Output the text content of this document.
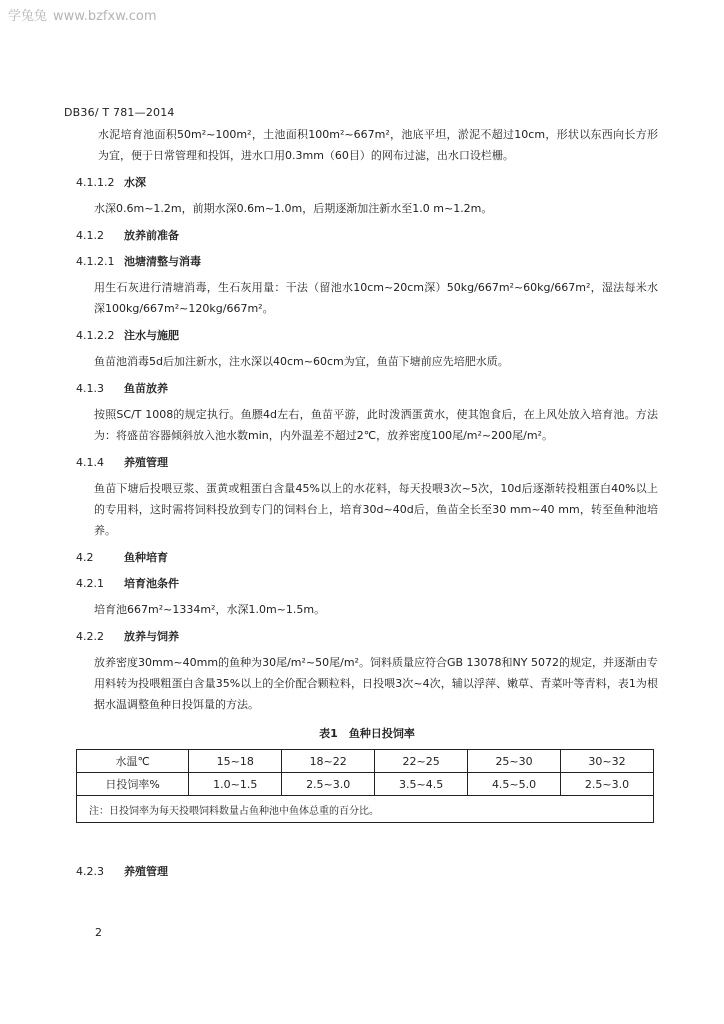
学兔兔 www.bzfxw.com
DB36/ T 781—2014

水泥培育池面积50m²~100m²，土池面积100m²~667m²，池底平坦，淤泥不超过10cm，形状以东西向长方形为宜，便于日常管理和投饵，进水口用0.3mm（60目）的网布过滤，出水口设栏栅。

4.1.1.2 水深

水深0.6m~1.2m，前期水深0.6m~1.0m，后期逐渐加注新水至1.0 m~1.2m。

4.1.2 放养前准备
4.1.2.1 池塘清整与消毒

用生石灰进行清塘消毒，生石灰用量：干法（留池水10cm~20cm深）50kg/667m²~60kg/667m²，湿法每米水深100kg/667m²~120kg/667m²。

4.1.2.2 注水与施肥

鱼苗池消毒5d后加注新水，注水深以40cm~60cm为宜，鱼苗下塘前应先培肥水质。

4.1.3 鱼苗放养

按照SC/T 1008的规定执行。鱼膘4d左右，鱼苗平游，此时泼洒蛋黄水，使其饱食后，在上风处放入培育池。方法为：将盛苗容器倾斜放入池水数min，内外温差不超过2℃，放养密度100尾/m²~200尾/m²。

4.1.4 养殖管理

鱼苗下塘后投喂豆浆、蛋黄或粗蛋白含量45%以上的水花料，每天投喂3次~5次，10d后逐渐转投粗蛋白40%以上的专用料，这时需将饲料投放到专门的饲料台上，培育30d~40d后，鱼苗全长至30 mm~40 mm，转至鱼种池培养。

4.2	鱼种培育
4.2.1 培育池条件

培育池667m²~1334m²，水深1.0m~1.5m。

4.2.2 放养与饲养

放养密度30mm~40mm的鱼种为30尾/m²~50尾/m²。饲料质量应符合GB 13078和NY 5072的规定，并逐渐由专用料转为投喂粗蛋白含量35%以上的全价配合颗粒料，日投喂3次~4次，辅以浮萍、嫩草、青菜叶等青料，表1为根据水温调整鱼种日投饵量的方法。

表1　鱼种日投饲率
水温℃	15~18	18~22	22~25	25~30	30~32
日投饲率%	1.0~1.5	2.5~3.0	3.5~4.5	4.5~5.0	2.5~3.0
注：日投饲率为每天投喂饲料数量占鱼种池中鱼体总重的百分比。					
4.2.3 养殖管理
2
